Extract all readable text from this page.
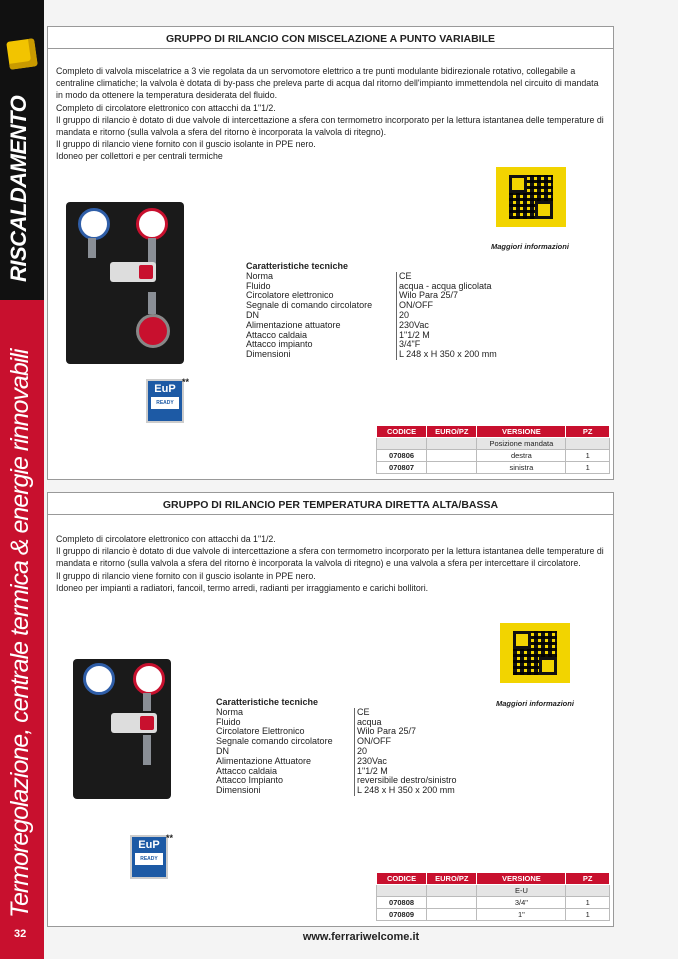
RISCALDAMENTO
Termoregolazione, centrale termica & energie rinnovabili
32
GRUPPO DI RILANCIO CON MISCELAZIONE A PUNTO VARIABILE

Completo di valvola miscelatrice a 3 vie regolata da un servomotore elettrico a tre punti modulante bidirezionale rotativo, collegabile a centraline climatiche; la valvola è dotata di by-pass che preleva parte di acqua dal ritorno dell'impianto immettendola nel circuito di mandata in modo da ottenere la temperatura desiderata del fluido.

Completo di circolatore elettronico con attacchi da 1"1/2.

Il gruppo di rilancio è dotato di due valvole di intercettazione a sfera con termometro incorporato per la lettura istantanea delle temperature di mandata e ritorno (sulla valvola a sfera del ritorno è incorporata la valvola di ritegno).

Il gruppo di rilancio viene fornito con il guscio isolante in PPE nero.

Idoneo per collettori e per centrali termiche

Maggiori informazioni
Caratteristiche tecniche
Norma	CE
Fluido	acqua - acqua glicolata
Circolatore elettronico	Wilo Para 25/7
Segnale di comando circolatore	ON/OFF
DN	20
Alimentazione attuatore	230Vac
Attacco caldaia	1"1/2 M
Attacco impianto	3/4"F
Dimensioni	L 248 x H 350 x 200 mm
EuP
READY
**
CODICE	EURO/PZ	VERSIONE	PZ
		Posizione mandata	
070806		destra	1
070807		sinistra	1
GRUPPO DI RILANCIO PER TEMPERATURA DIRETTA ALTA/BASSA

Completo di circolatore elettronico con attacchi da 1"1/2.

Il gruppo di rilancio è dotato di due valvole di intercettazione a sfera con termometro incorporato per la lettura istantanea delle temperature di mandata e ritorno (sulla valvola a sfera del ritorno è incorporata la valvola di ritegno) e una valvola a sfera per intercettare il circolatore.

Il gruppo di rilancio viene fornito con il guscio isolante in PPE nero.

Idoneo per impianti a radiatori, fancoil, termo arredi, radianti per irraggiamento e carichi bollitori.

Maggiori informazioni
Caratteristiche tecniche
Norma	CE
Fluido	acqua
Circolatore Elettronico	Wilo Para 25/7
Segnale comando circolatore	ON/OFF
DN	20
Alimentazione Attuatore	230Vac
Attacco caldaia	1"1/2 M
Attacco Impianto	reversibile destro/sinistro
Dimensioni	L 248 x H 350 x 200 mm
EuP
READY
**
CODICE	EURO/PZ	VERSIONE	PZ
		E-U	
070808		3/4"	1
070809		1"	1
www.ferrariwelcome.it
